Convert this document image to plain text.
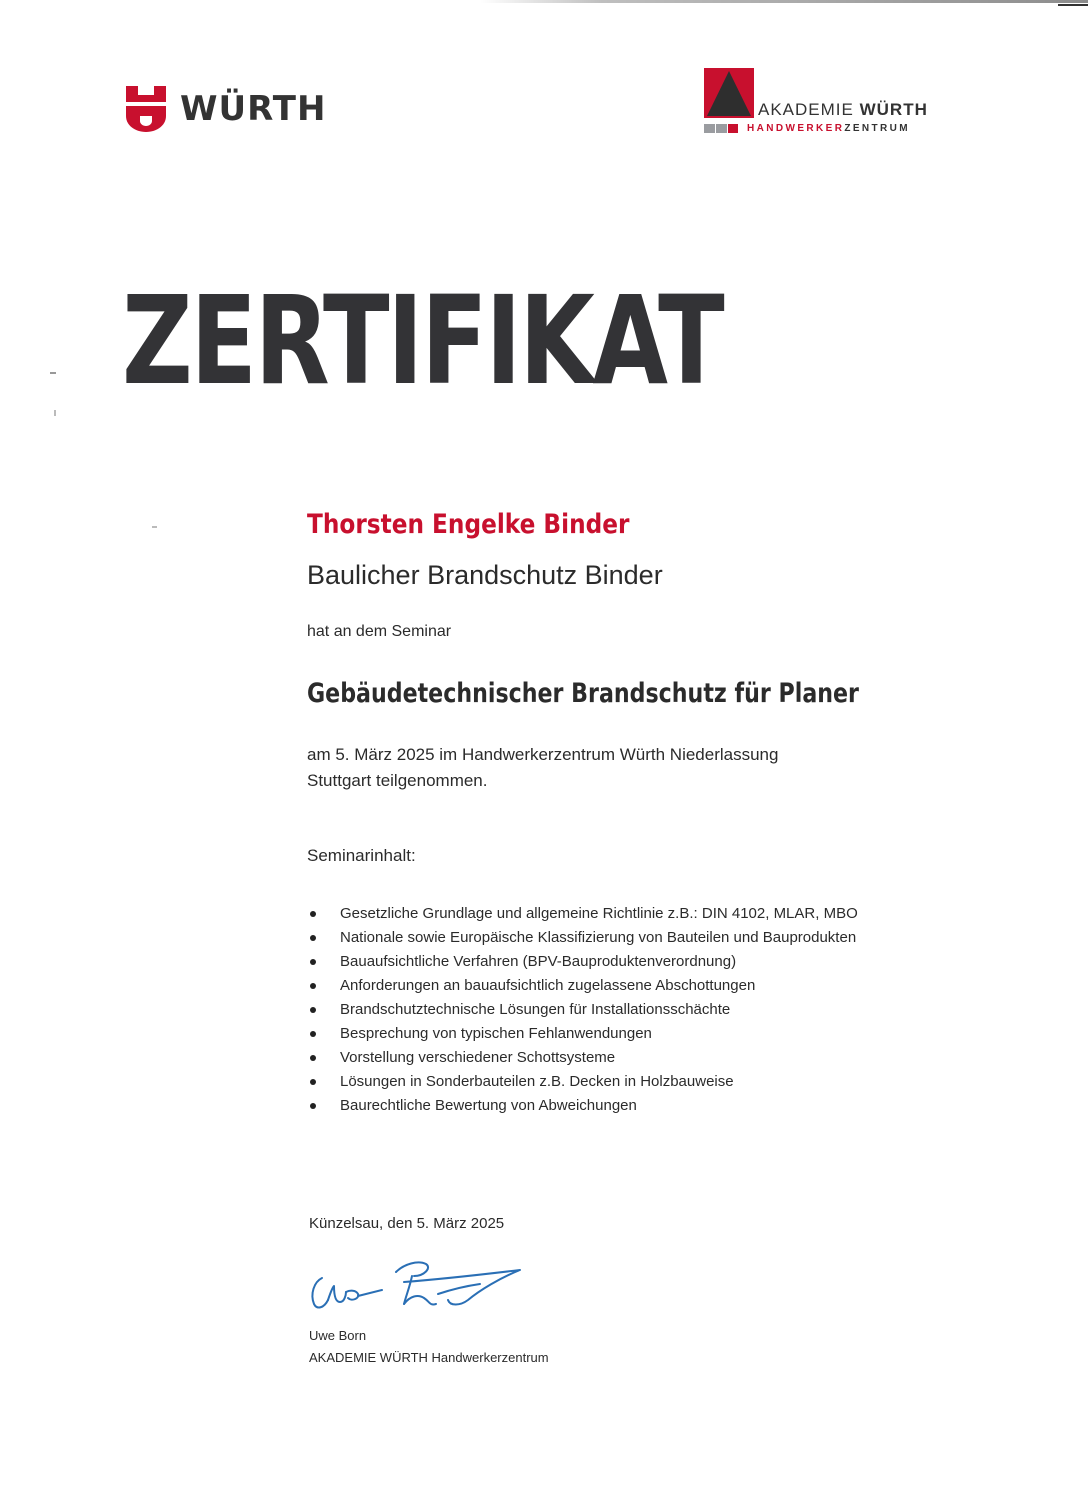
WÜRTH	AKADEMIE WÜRTH
HANDWERKERZENTRUM
ZERTIFIKAT
Thorsten Engelke Binder
Baulicher Brandschutz Binder
hat an dem Seminar
Gebäudetechnischer Brandschutz für Planer
am 5. März 2025 im Handwerkerzentrum Würth Niederlassung
Stuttgart teilgenommen.
Seminarinhalt:
Gesetzliche Grundlage und allgemeine Richtlinie z.B.: DIN 4102, MLAR, MBO
Nationale sowie Europäische Klassifizierung von Bauteilen und Bauprodukten
Bauaufsichtliche Verfahren (BPV-Bauproduktenverordnung)
Anforderungen an bauaufsichtlich zugelassene Abschottungen
Brandschutztechnische Lösungen für Installationsschächte
Besprechung von typischen Fehlanwendungen
Vorstellung verschiedener Schottsysteme
Lösungen in Sonderbauteilen z.B. Decken in Holzbauweise
Baurechtliche Bewertung von Abweichungen
Künzelsau, den 5. März 2025
Uwe Born
AKADEMIE WÜRTH Handwerkerzentrum
